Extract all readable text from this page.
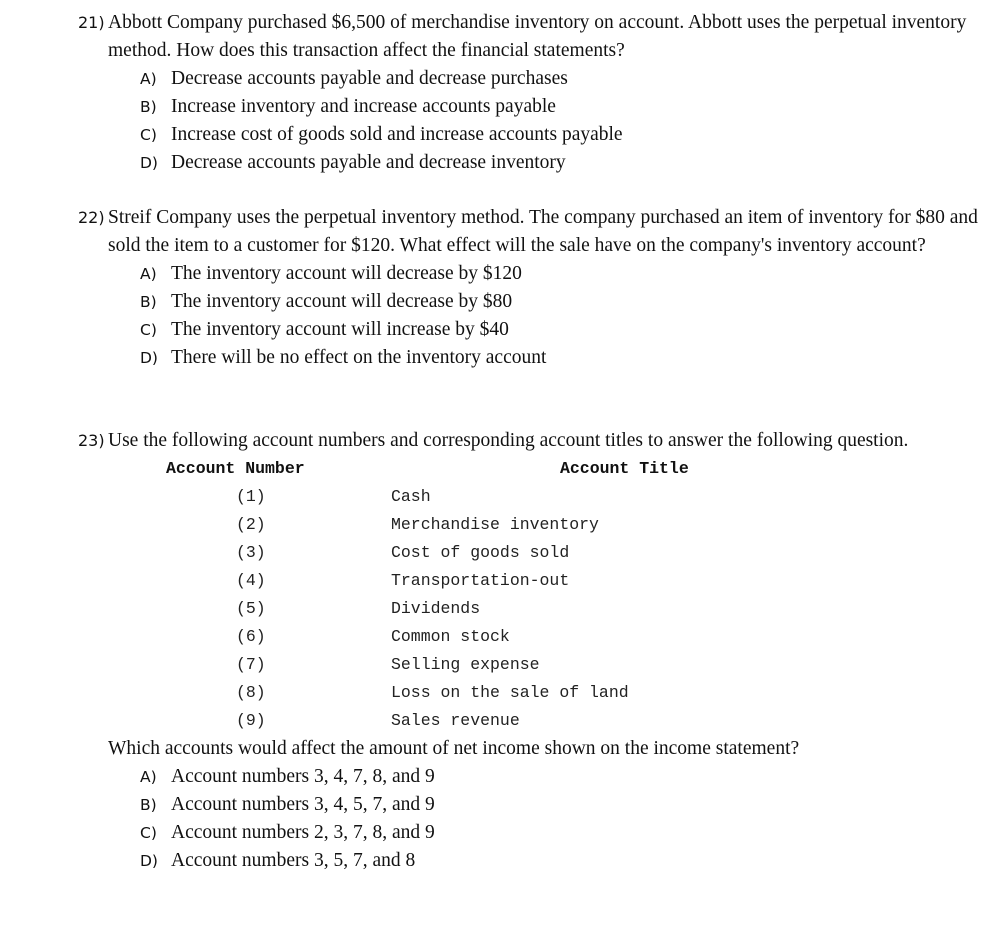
21) Abbott Company purchased $6,500 of merchandise inventory on account. Abbott uses the perpetual inventory method. How does this transaction affect the financial statements?
A) Decrease accounts payable and decrease purchases
B) Increase inventory and increase accounts payable
C) Increase cost of goods sold and increase accounts payable
D) Decrease accounts payable and decrease inventory
22) Streif Company uses the perpetual inventory method. The company purchased an item of inventory for $80 and sold the item to a customer for $120. What effect will the sale have on the company's inventory account?
A) The inventory account will decrease by $120
B) The inventory account will decrease by $80
C) The inventory account will increase by $40
D) There will be no effect on the inventory account
23) Use the following account numbers and corresponding account titles to answer the following question.
Account Number	Account Title
(1)	Cash
(2)	Merchandise inventory
(3)	Cost of goods sold
(4)	Transportation-out
(5)	Dividends
(6)	Common stock
(7)	Selling expense
(8)	Loss on the sale of land
(9)	Sales revenue
Which accounts would affect the amount of net income shown on the income statement?
A) Account numbers 3, 4, 7, 8, and 9
B) Account numbers 3, 4, 5, 7, and 9
C) Account numbers 2, 3, 7, 8, and 9
D) Account numbers 3, 5, 7, and 8
